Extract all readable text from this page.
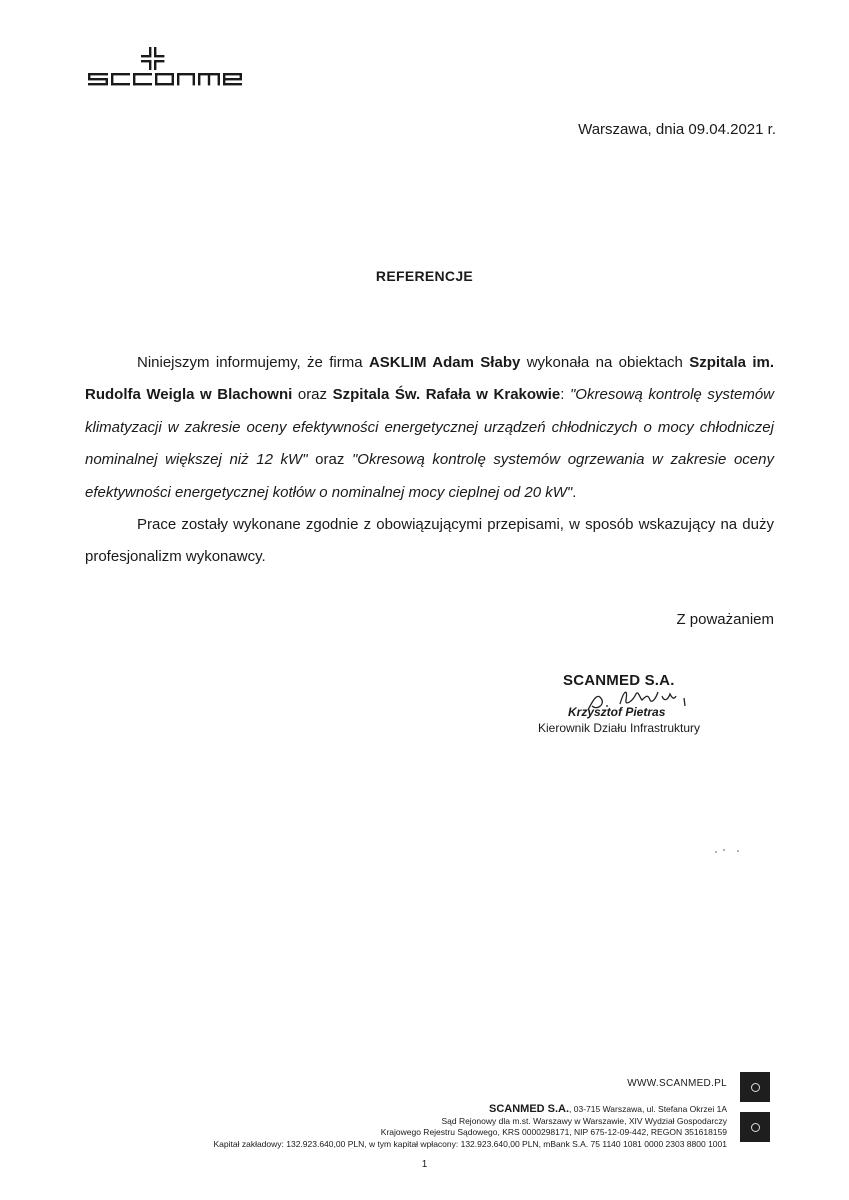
Warszawa, dnia 09.04.2021 r.
REFERENCJE

Niniejszym informujemy, że firma ASKLIM Adam Słaby wykonała na obiektach Szpitala im. Rudolfa Weigla w Blachowni oraz Szpitala Św. Rafała w Krakowie: "Okresową kontrolę systemów klimatyzacji w zakresie oceny efektywności energetycznej urządzeń chłodniczych o mocy chłodniczej nominalnej większej niż 12 kW" oraz "Okresową kontrolę systemów ogrzewania w zakresie oceny efektywności energetycznej kotłów o nominalnej mocy cieplnej od 20 kW".

Prace zostały wykonane zgodnie z obowiązującymi przepisami, w sposób wskazujący na duży profesjonalizm wykonawcy.

Z poważaniem
SCANMED S.A.
Krzysztof Pietras
Kierownik Działu Infrastruktury
WWW.SCANMED.PL
SCANMED S.A., 03-715 Warszawa, ul. Stefana Okrzei 1A
Sąd Rejonowy dla m.st. Warszawy w Warszawie, XIV Wydział Gospodarczy
Krajowego Rejestru Sądowego, KRS 0000298171, NIP 675-12-09-442, REGON 351618159
Kapitał zakładowy: 132.923.640,00 PLN, w tym kapitał wpłacony: 132.923.640,00 PLN, mBank S.A. 75 1140 1081 0000 2303 8800 1001
1
